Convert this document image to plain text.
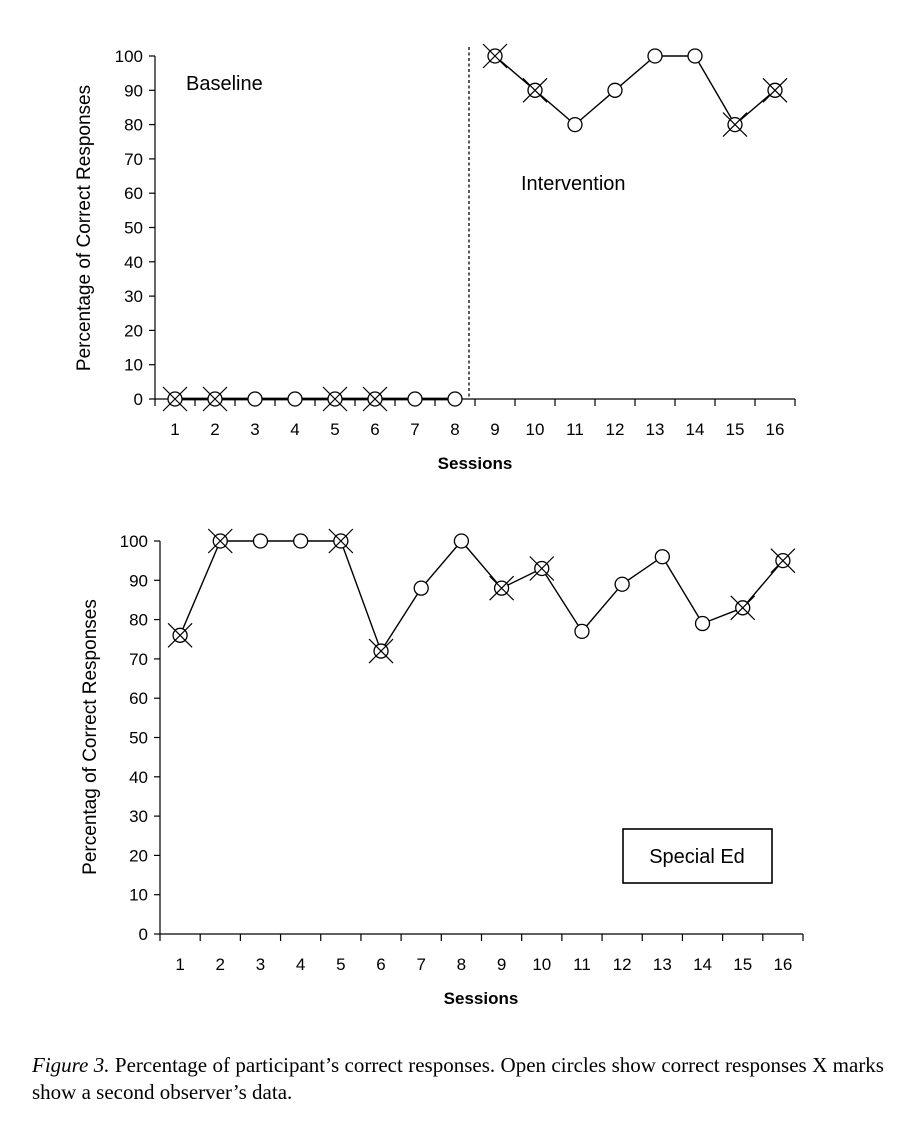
0
10
20
30
40
50
60
70
80
90
100
1 2 3 4 5 6 7 8 9 10 11 12 13 14 15 16
Baseline
Intervention
Sessions
Percentage of Correct Responses
0
10
20
30
40
50
60
70
80
90
100
1 2 3 4 5 6 7 8 9 10 11 12 13 14 15 16
Special Ed
Sessions
Percentag of Correct Responses
Figure 3. Percentage of participant’s correct responses. Open circles show correct responses X marks show a second observer’s data.
